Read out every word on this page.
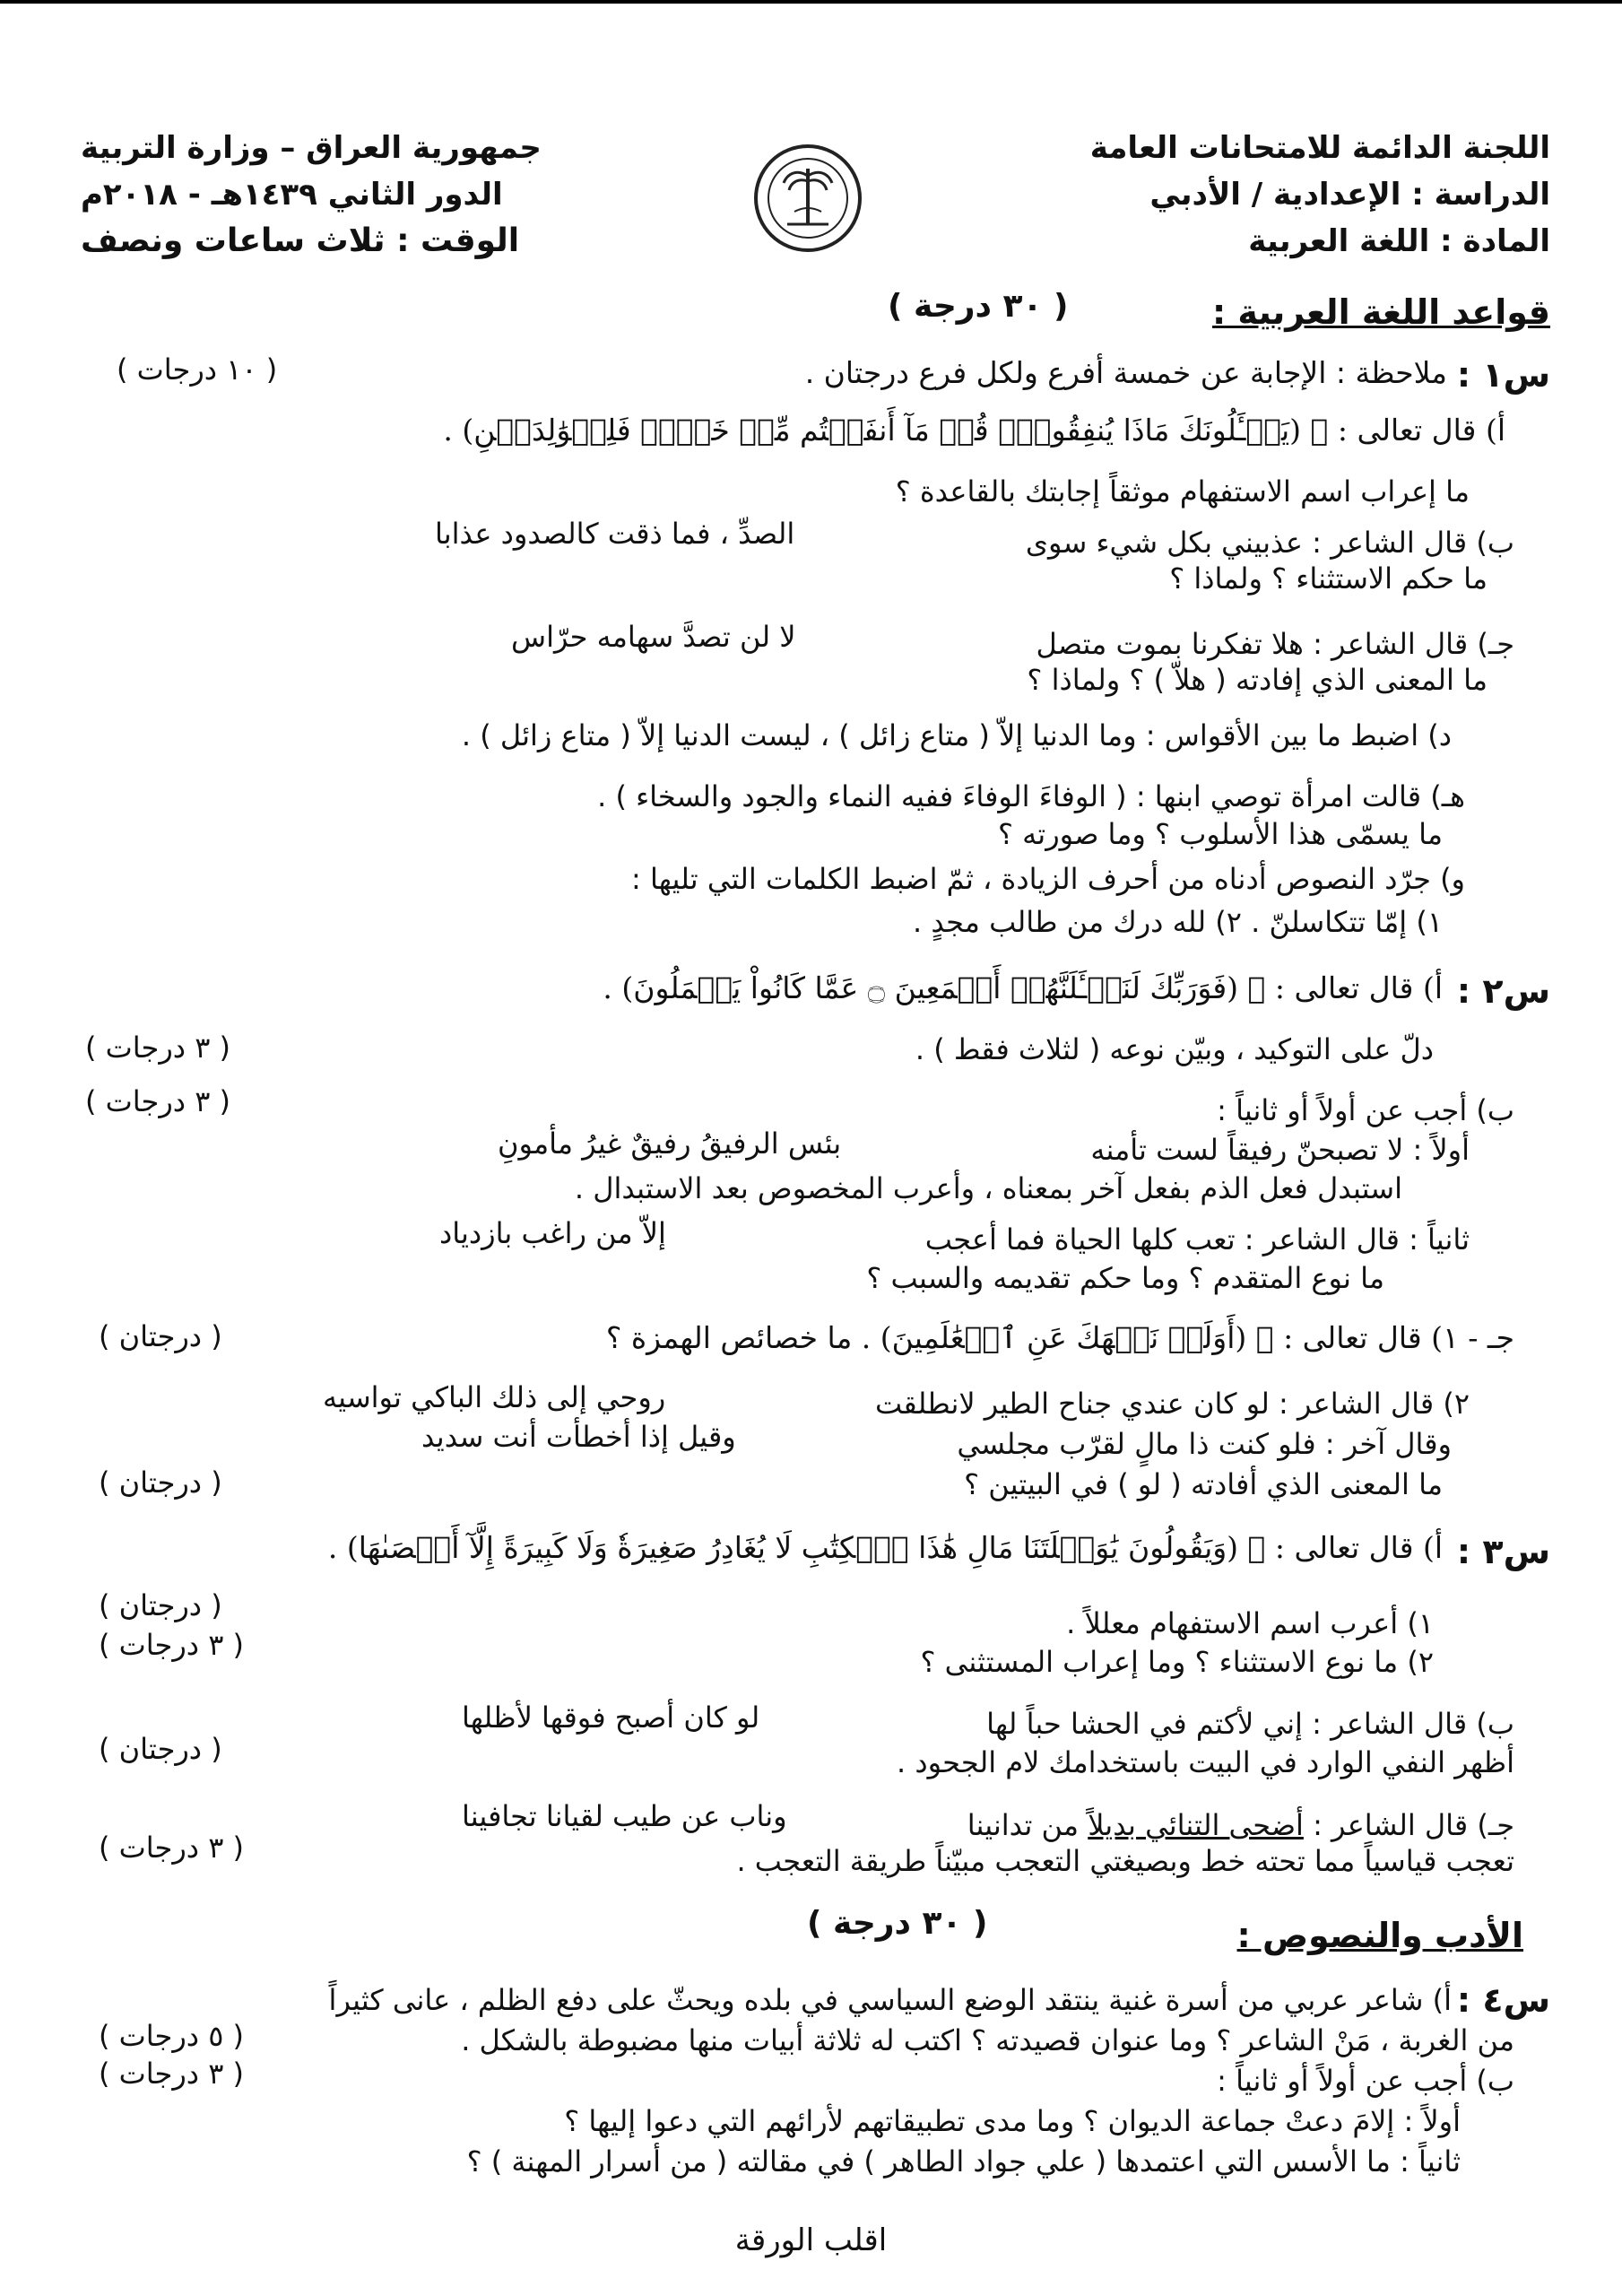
اللجنة الدائمة للامتحانات العامة
الدراسة : الإعدادية / الأدبي
المادة : اللغة العربية
جمهورية العراق – وزارة التربية
الدور الثاني ١٤٣٩هـ - ٢٠١٨م
الوقت : ثلاث ساعات ونصف
قواعد اللغة العربية :
( ٣٠ درجة )
س١ :
ملاحظة : الإجابة عن خمسة أفرع ولكل فرع درجتان .
( ١٠ درجات )
أ) قال تعالى : ﷻ (يَسۡـَٔلُونَكَ مَاذَا يُنفِقُونَۖ قُلۡ مَآ أَنفَقۡتُم مِّنۡ خَيۡرٖ فَلِلۡوَٰلِدَيۡنِ) .
ما إعراب اسم الاستفهام موثقاً إجابتك بالقاعدة ؟
ب) قال الشاعر : عذبيني بكل شيء سوى
الصدِّ ، فما ذقت كالصدود عذابا
ما حكم الاستثناء ؟ ولماذا ؟
جـ) قال الشاعر : هلا تفكرنا بموت متصل
لا لن تصدَّ سهامه حرّاس
ما المعنى الذي إفادته ( هلاّ ) ؟ ولماذا ؟
د) اضبط ما بين الأقواس : وما الدنيا إلاّ ( متاع زائل ) ، ليست الدنيا إلاّ ( متاع زائل ) .
هـ) قالت امرأة توصي ابنها : ( الوفاءَ الوفاءَ ففيه النماء والجود والسخاء ) .
ما يسمّى هذا الأسلوب ؟ وما صورته ؟
و) جرّد النصوص أدناه من أحرف الزيادة ، ثمّ اضبط الكلمات التي تليها :
١) إمّا تتكاسلنّ . ٢) لله درك من طالب مجدٍ .
س٢ :
أ) قال تعالى : ﷻ (فَوَرَبِّكَ لَنَسۡـَٔلَنَّهُمۡ أَجۡمَعِينَ ۝ عَمَّا كَانُواْ يَعۡمَلُونَ) .
دلّ على التوكيد ، وبيّن نوعه ( لثلاث فقط ) .
( ٣ درجات )
ب) أجب عن أولاً أو ثانياً :
( ٣ درجات )
أولاً : لا تصبحنّ رفيقاً لست تأمنه
بئس الرفيقُ رفيقٌ غيرُ مأمونِ
استبدل فعل الذم بفعل آخر بمعناه ، وأعرب المخصوص بعد الاستبدال .
ثانياً : قال الشاعر : تعب كلها الحياة فما أعجب
إلاّ من راغب بازدياد
ما نوع المتقدم ؟ وما حكم تقديمه والسبب ؟
جـ - ١) قال تعالى : ﷻ (أَوَلَمۡ نَنۡهَكَ عَنِ ٱلۡعَٰلَمِينَ) . ما خصائص الهمزة ؟
( درجتان )
٢) قال الشاعر : لو كان عندي جناح الطير لانطلقت
روحي إلى ذلك الباكي تواسيه
وقال آخر : فلو كنت ذا مالٍ لقرّب مجلسي
وقيل إذا أخطأت أنت سديد
ما المعنى الذي أفادته ( لو ) في البيتين ؟
( درجتان )
س٣ :
أ) قال تعالى : ﷻ (وَيَقُولُونَ يَٰوَيۡلَتَنَا مَالِ هَٰذَا ٱلۡكِتَٰبِ لَا يُغَادِرُ صَغِيرَةٗ وَلَا كَبِيرَةً إِلَّآ أَحۡصَىٰهَا) .
١) أعرب اسم الاستفهام معللاً .
( درجتان )
٢) ما نوع الاستثناء ؟ وما إعراب المستثنى ؟
( ٣ درجات )
ب) قال الشاعر : إني لأكتم في الحشا حباً لها
لو كان أصبح فوقها لأظلها
أظهر النفي الوارد في البيت باستخدامك لام الجحود .
( درجتان )
جـ) قال الشاعر : أضحى التنائي بديلاً من تدانينا
وناب عن طيب لقيانا تجافينا
تعجب قياسياً مما تحته خط وبصيغتي التعجب مبيّناً طريقة التعجب .
( ٣ درجات )
الأدب والنصوص :
( ٣٠ درجة )
س٤ :
أ) شاعر عربي من أسرة غنية ينتقد الوضع السياسي في بلده ويحثّ على دفع الظلم ، عانى كثيراً
من الغربة ، مَنْ الشاعر ؟ وما عنوان قصيدته ؟ اكتب له ثلاثة أبيات منها مضبوطة بالشكل .
( ٥ درجات )
( ٣ درجات )	ب) أجب عن أولاً أو ثانياً :
أولاً : إلامَ دعتْ جماعة الديوان ؟ وما مدى تطبيقاتهم لأرائهم التي دعوا إليها ؟
ثانياً : ما الأسس التي اعتمدها ( علي جواد الطاهر ) في مقالته ( من أسرار المهنة ) ؟
اقلب الورقة
